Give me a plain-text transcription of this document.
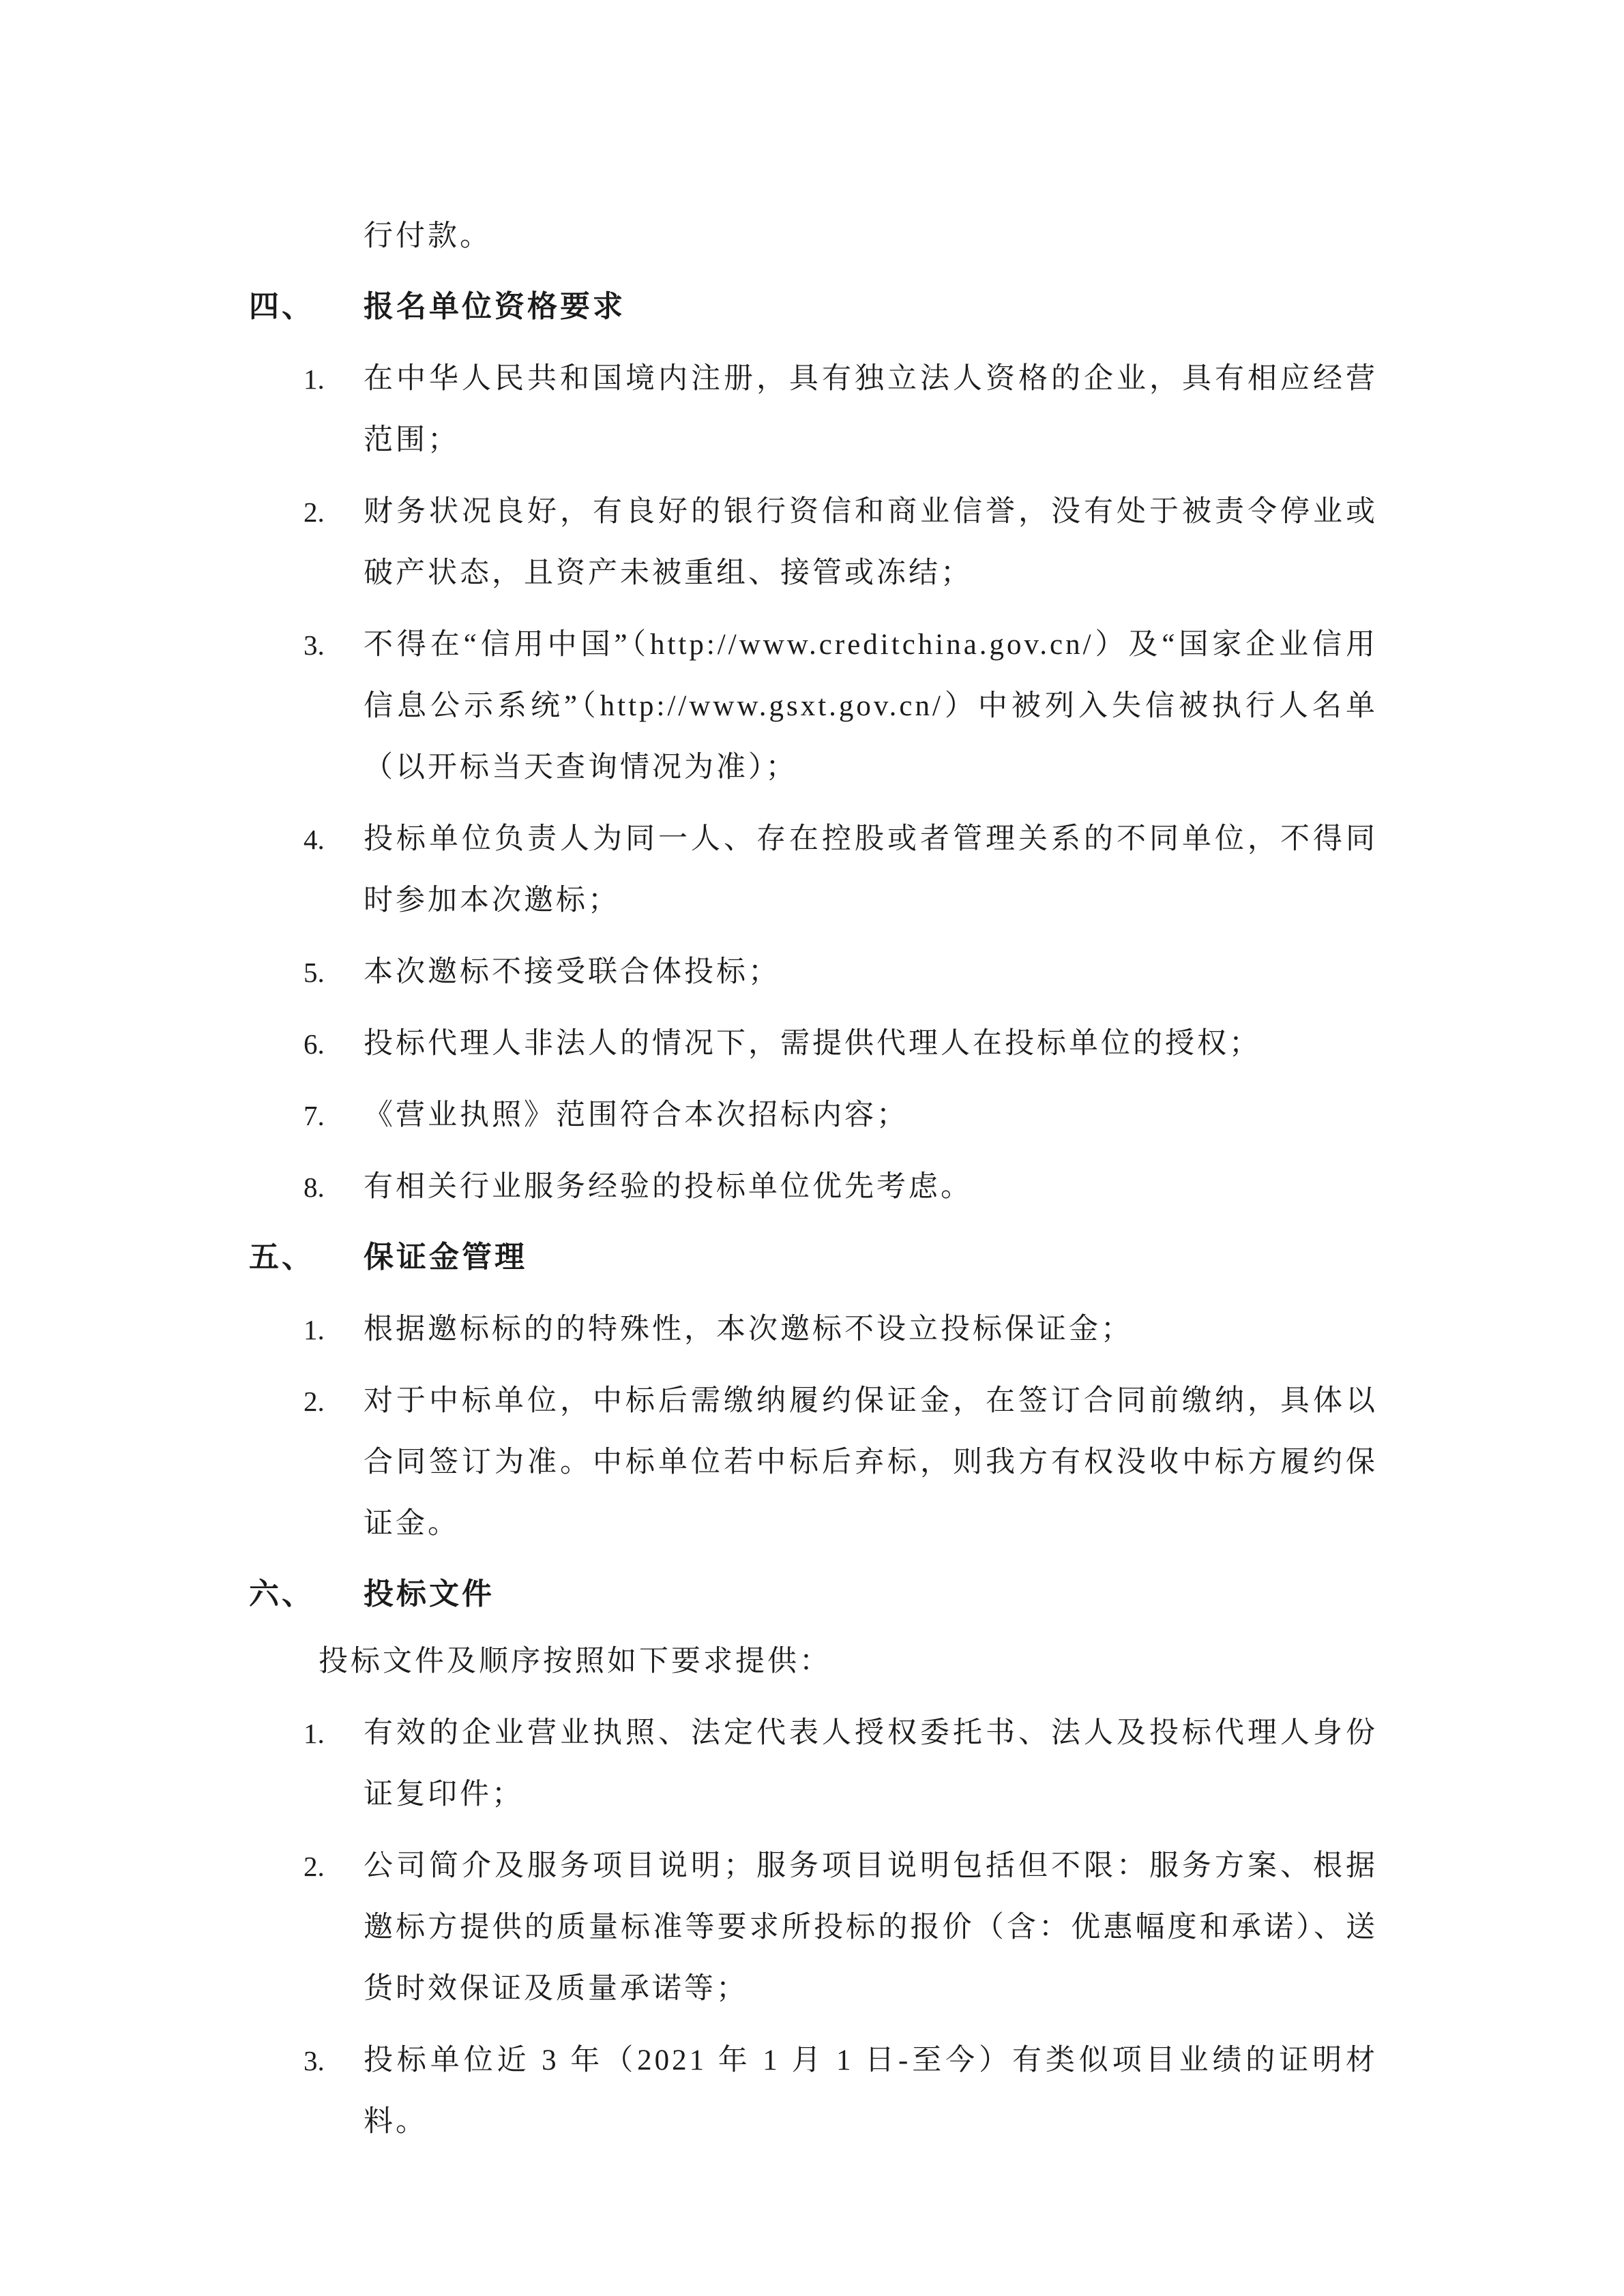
行付款。
四、	报名单位资格要求
1.	在中华人民共和国境内注册，具有独立法人资格的企业，具有相应经营范围；
2.	财务状况良好，有良好的银行资信和商业信誉，没有处于被责令停业或破产状态，且资产未被重组、接管或冻结；
3.	不得在“信用中国”（http://www.creditchina.gov.cn/）及“国家企业信用信息公示系统”（http://www.gsxt.gov.cn/）中被列入失信被执行人名单（以开标当天查询情况为准）；
4.	投标单位负责人为同一人、存在控股或者管理关系的不同单位，不得同时参加本次邀标；
5.	本次邀标不接受联合体投标；
6.	投标代理人非法人的情况下，需提供代理人在投标单位的授权；
7.	《营业执照》范围符合本次招标内容；
8.	有相关行业服务经验的投标单位优先考虑。
五、	保证金管理
1.	根据邀标标的的特殊性，本次邀标不设立投标保证金；
2.	对于中标单位，中标后需缴纳履约保证金，在签订合同前缴纳，具体以合同签订为准。中标单位若中标后弃标，则我方有权没收中标方履约保证金。
六、	投标文件
投标文件及顺序按照如下要求提供：
1.	有效的企业营业执照、法定代表人授权委托书、法人及投标代理人身份证复印件；
2.	公司简介及服务项目说明；服务项目说明包括但不限：服务方案、根据邀标方提供的质量标准等要求所投标的报价（含：优惠幅度和承诺）、送货时效保证及质量承诺等；
3.	投标单位近 3 年（2021 年 1 月 1 日-至今）有类似项目业绩的证明材料。
